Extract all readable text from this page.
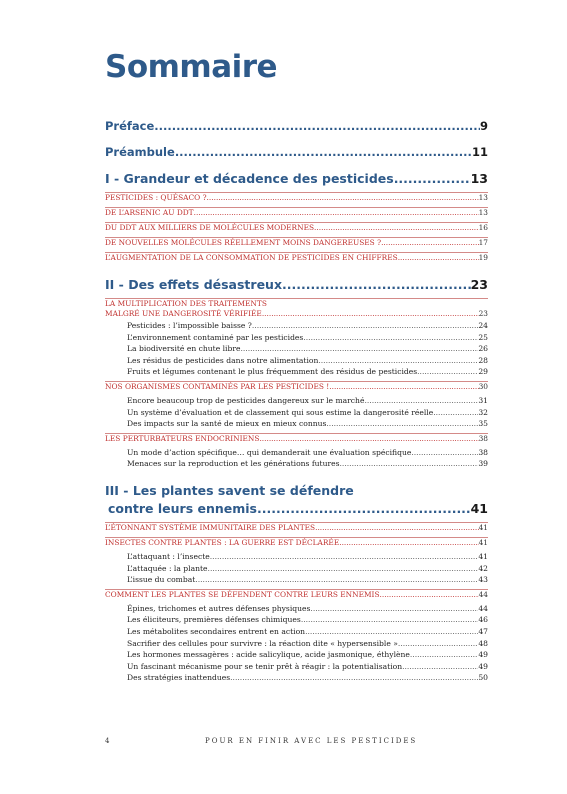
Sommaire
Préface .....	9
Préambule .....	11
I - Grandeur et décadence des pesticides .....	13
PESTICIDES : QUÉSACO ? .....	13
DE L’ARSENIC AU DDT .....	13
DU DDT AUX MILLIERS DE MOLÉCULES MODERNES .....	16
DE NOUVELLES MOLÉCULES RÉELLEMENT MOINS DANGEREUSES ? .....	17
L’AUGMENTATION DE LA CONSOMMATION DE PESTICIDES EN CHIFFRES .....	19
II - Des effets désastreux .....	23
LA MULTIPLICATION DES TRAITEMENTS
MALGRÉ UNE DANGEROSITÉ VÉRIFIÉE .....	23
Pesticides : l’impossible baisse ? .....	24
L’environnement contaminé par les pesticides .....	25
La biodiversité en chute libre .....	26
Les résidus de pesticides dans notre alimentation .....	28
Fruits et légumes contenant le plus fréquemment des résidus de pesticides .....	29
NOS ORGANISMES CONTAMINÉS PAR LES PESTICIDES ! .....	30
Encore beaucoup trop de pesticides dangereux sur le marché .....	31
Un système d’évaluation et de classement qui sous estime la dangerosité réelle .....	32
Des impacts sur la santé de mieux en mieux connus .....	35
LES PERTURBATEURS ENDOCRINIENS .....	38
Un mode d’action spécifique… qui demanderait une évaluation spécifique .....	38
Menaces sur la reproduction et les générations futures .....	39
III - Les plantes savent se défendre
contre leurs ennemis .....	41
L’ÉTONNANT SYSTÈME IMMUNITAIRE DES PLANTES .....	41
INSECTES CONTRE PLANTES : LA GUERRE EST DÉCLARÉE .....	41
L’attaquant : l’insecte .....	41
L’attaquée : la plante .....	42
L’issue du combat .....	43
COMMENT LES PLANTES SE DÉFENDENT CONTRE LEURS ENNEMIS .....	44
Épines, trichomes et autres défenses physiques .....	44
Les éliciteurs, premières défenses chimiques .....	46
Les métabolites secondaires entrent en action .....	47
Sacrifier des cellules pour survivre : la réaction dite « hypersensible » .....	48
Les hormones messagères : acide salicylique, acide jasmonique, éthylène .....	49
Un fascinant mécanisme pour se tenir prêt à réagir : la potentialisation .....	49
Des stratégies inattendues .....	50
4	POUR EN FINIR AVEC LES PESTICIDES
